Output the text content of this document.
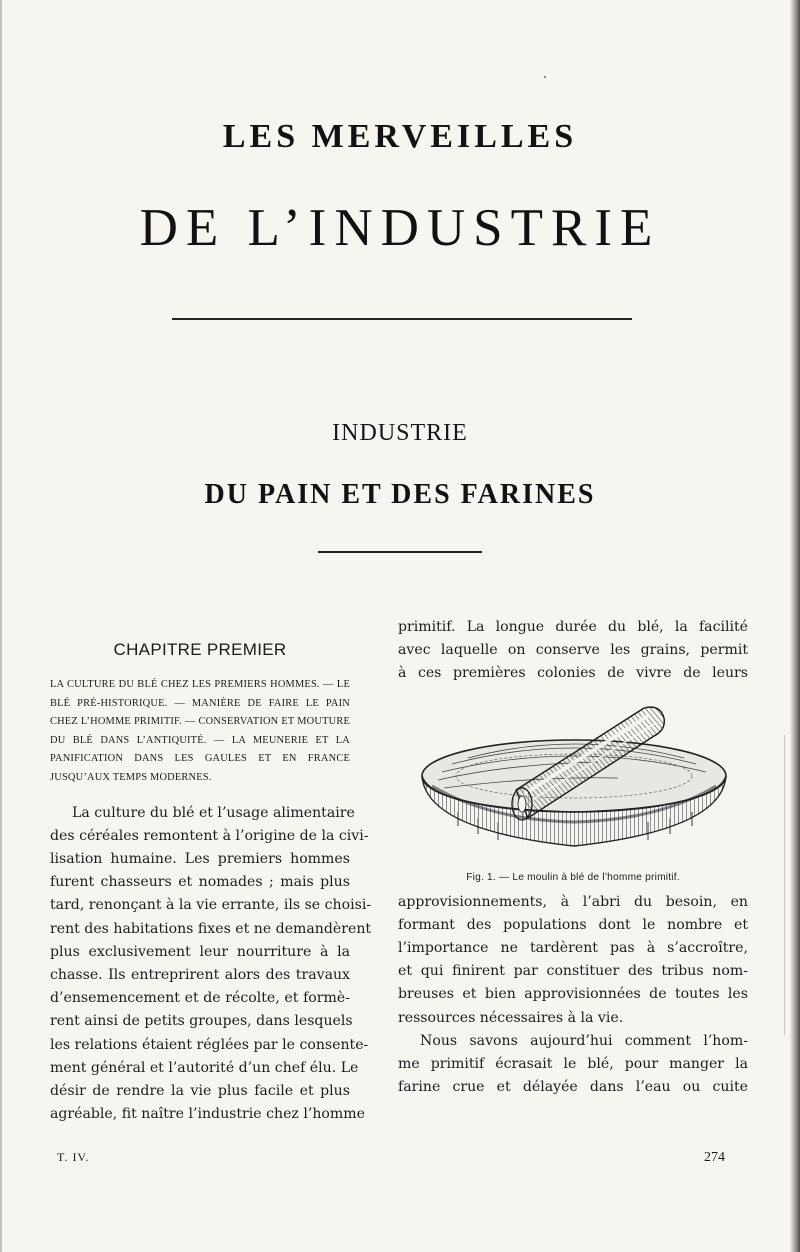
LES MERVEILLES
DE L’INDUSTRIE
INDUSTRIE
DU PAIN ET DES FARINES
CHAPITRE PREMIER

LA CULTURE DU BLÉ CHEZ LES PREMIERS HOMMES. — LE BLÉ PRÉ-HISTORIQUE. — MANIÈRE DE FAIRE LE PAIN CHEZ L’HOMME PRIMITIF. — CONSERVATION ET MOUTURE DU BLÉ DANS L’ANTIQUITÉ. — LA MEUNERIE ET LA PANIFICATION DANS LES GAULES ET EN FRANCE JUSQU’AUX TEMPS MODERNES.

La culture du blé et l’usage alimentaire
des céréales remontent à l’origine de la civi-
lisation humaine. Les premiers hommes
furent chasseurs et nomades ; mais plus
tard, renonçant à la vie errante, ils se choisi-
rent des habitations fixes et ne demandèrent
plus exclusivement leur nourriture à la
chasse. Ils entreprirent alors des travaux
d’ensemencement et de récolte, et formè-
rent ainsi de petits groupes, dans lesquels
les relations étaient réglées par le consente-
ment général et l’autorité d’un chef élu. Le
désir de rendre la vie plus facile et plus
agréable, fit naître l’industrie chez l’homme

primitif. La longue durée du blé, la facilité
avec laquelle on conserve les grains, permit
à ces premières colonies de vivre de leurs

Fig. 1. — Le moulin à blé de l’homme primitif.

approvisionnements, à l’abri du besoin, en
formant des populations dont le nombre et
l’importance ne tardèrent pas à s’accroître,
et qui finirent par constituer des tribus nom-
breuses et bien approvisionnées de toutes les
ressources nécessaires à la vie.
Nous savons aujourd’hui comment l’hom-
me primitif écrasait le blé, pour manger la
farine crue et délayée dans l’eau ou cuite

T. IV.	274
